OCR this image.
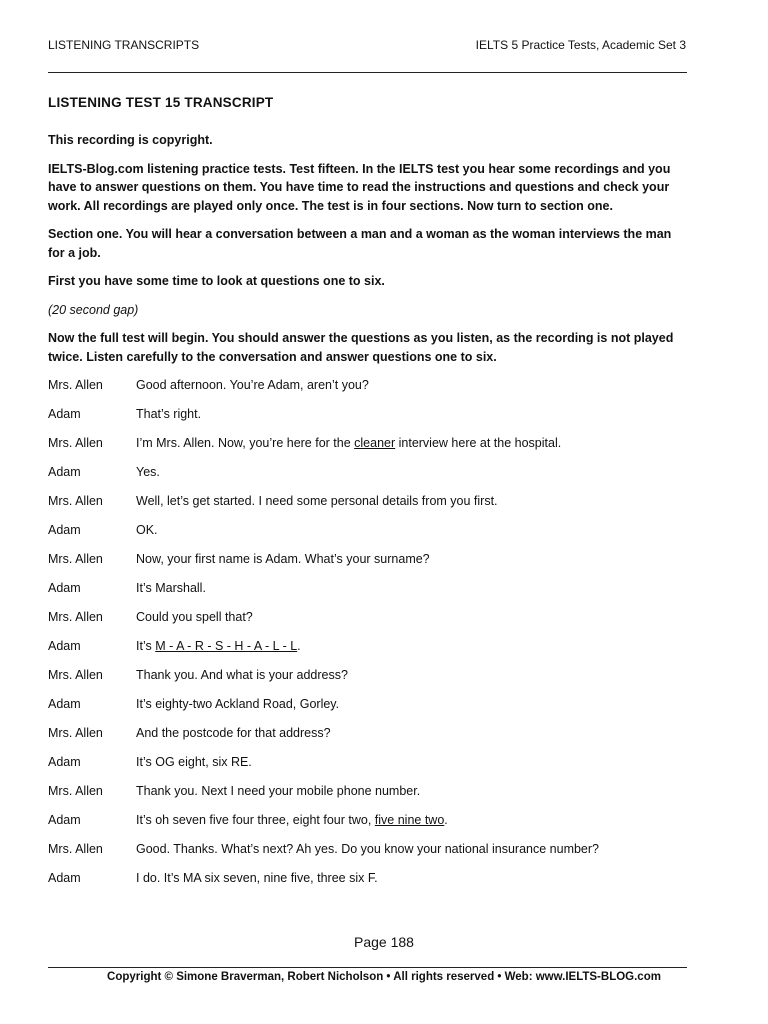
LISTENING TRANSCRIPTS	IELTS 5 Practice Tests, Academic Set 3
LISTENING TEST 15 TRANSCRIPT

This recording is copyright.

IELTS-Blog.com listening practice tests. Test fifteen. In the IELTS test you hear some recordings and you have to answer questions on them. You have time to read the instructions and questions and check your work. All recordings are played only once. The test is in four sections. Now turn to section one.

Section one. You will hear a conversation between a man and a woman as the woman interviews the man for a job.

First you have some time to look at questions one to six.

(20 second gap)

Now the full test will begin. You should answer the questions as you listen, as the recording is not played twice. Listen carefully to the conversation and answer questions one to six.

Mrs. Allen	Good afternoon. You’re Adam, aren’t you?
Adam	That’s right.
Mrs. Allen	I’m Mrs. Allen. Now, you’re here for the cleaner interview here at the hospital.
Adam	Yes.
Mrs. Allen	Well, let’s get started. I need some personal details from you first.
Adam	OK.
Mrs. Allen	Now, your first name is Adam. What’s your surname?
Adam	It’s Marshall.
Mrs. Allen	Could you spell that?
Adam	It’s M - A - R - S - H - A - L - L.
Mrs. Allen	Thank you. And what is your address?
Adam	It’s eighty-two Ackland Road, Gorley.
Mrs. Allen	And the postcode for that address?
Adam	It’s OG eight, six RE.
Mrs. Allen	Thank you. Next I need your mobile phone number.
Adam	It’s oh seven five four three, eight four two, five nine two.
Mrs. Allen	Good. Thanks. What’s next? Ah yes. Do you know your national insurance number?
Adam	I do. It’s MA six seven, nine five, three six F.
Page 188
Copyright © Simone Braverman, Robert Nicholson • All rights reserved • Web: www.IELTS-BLOG.com
